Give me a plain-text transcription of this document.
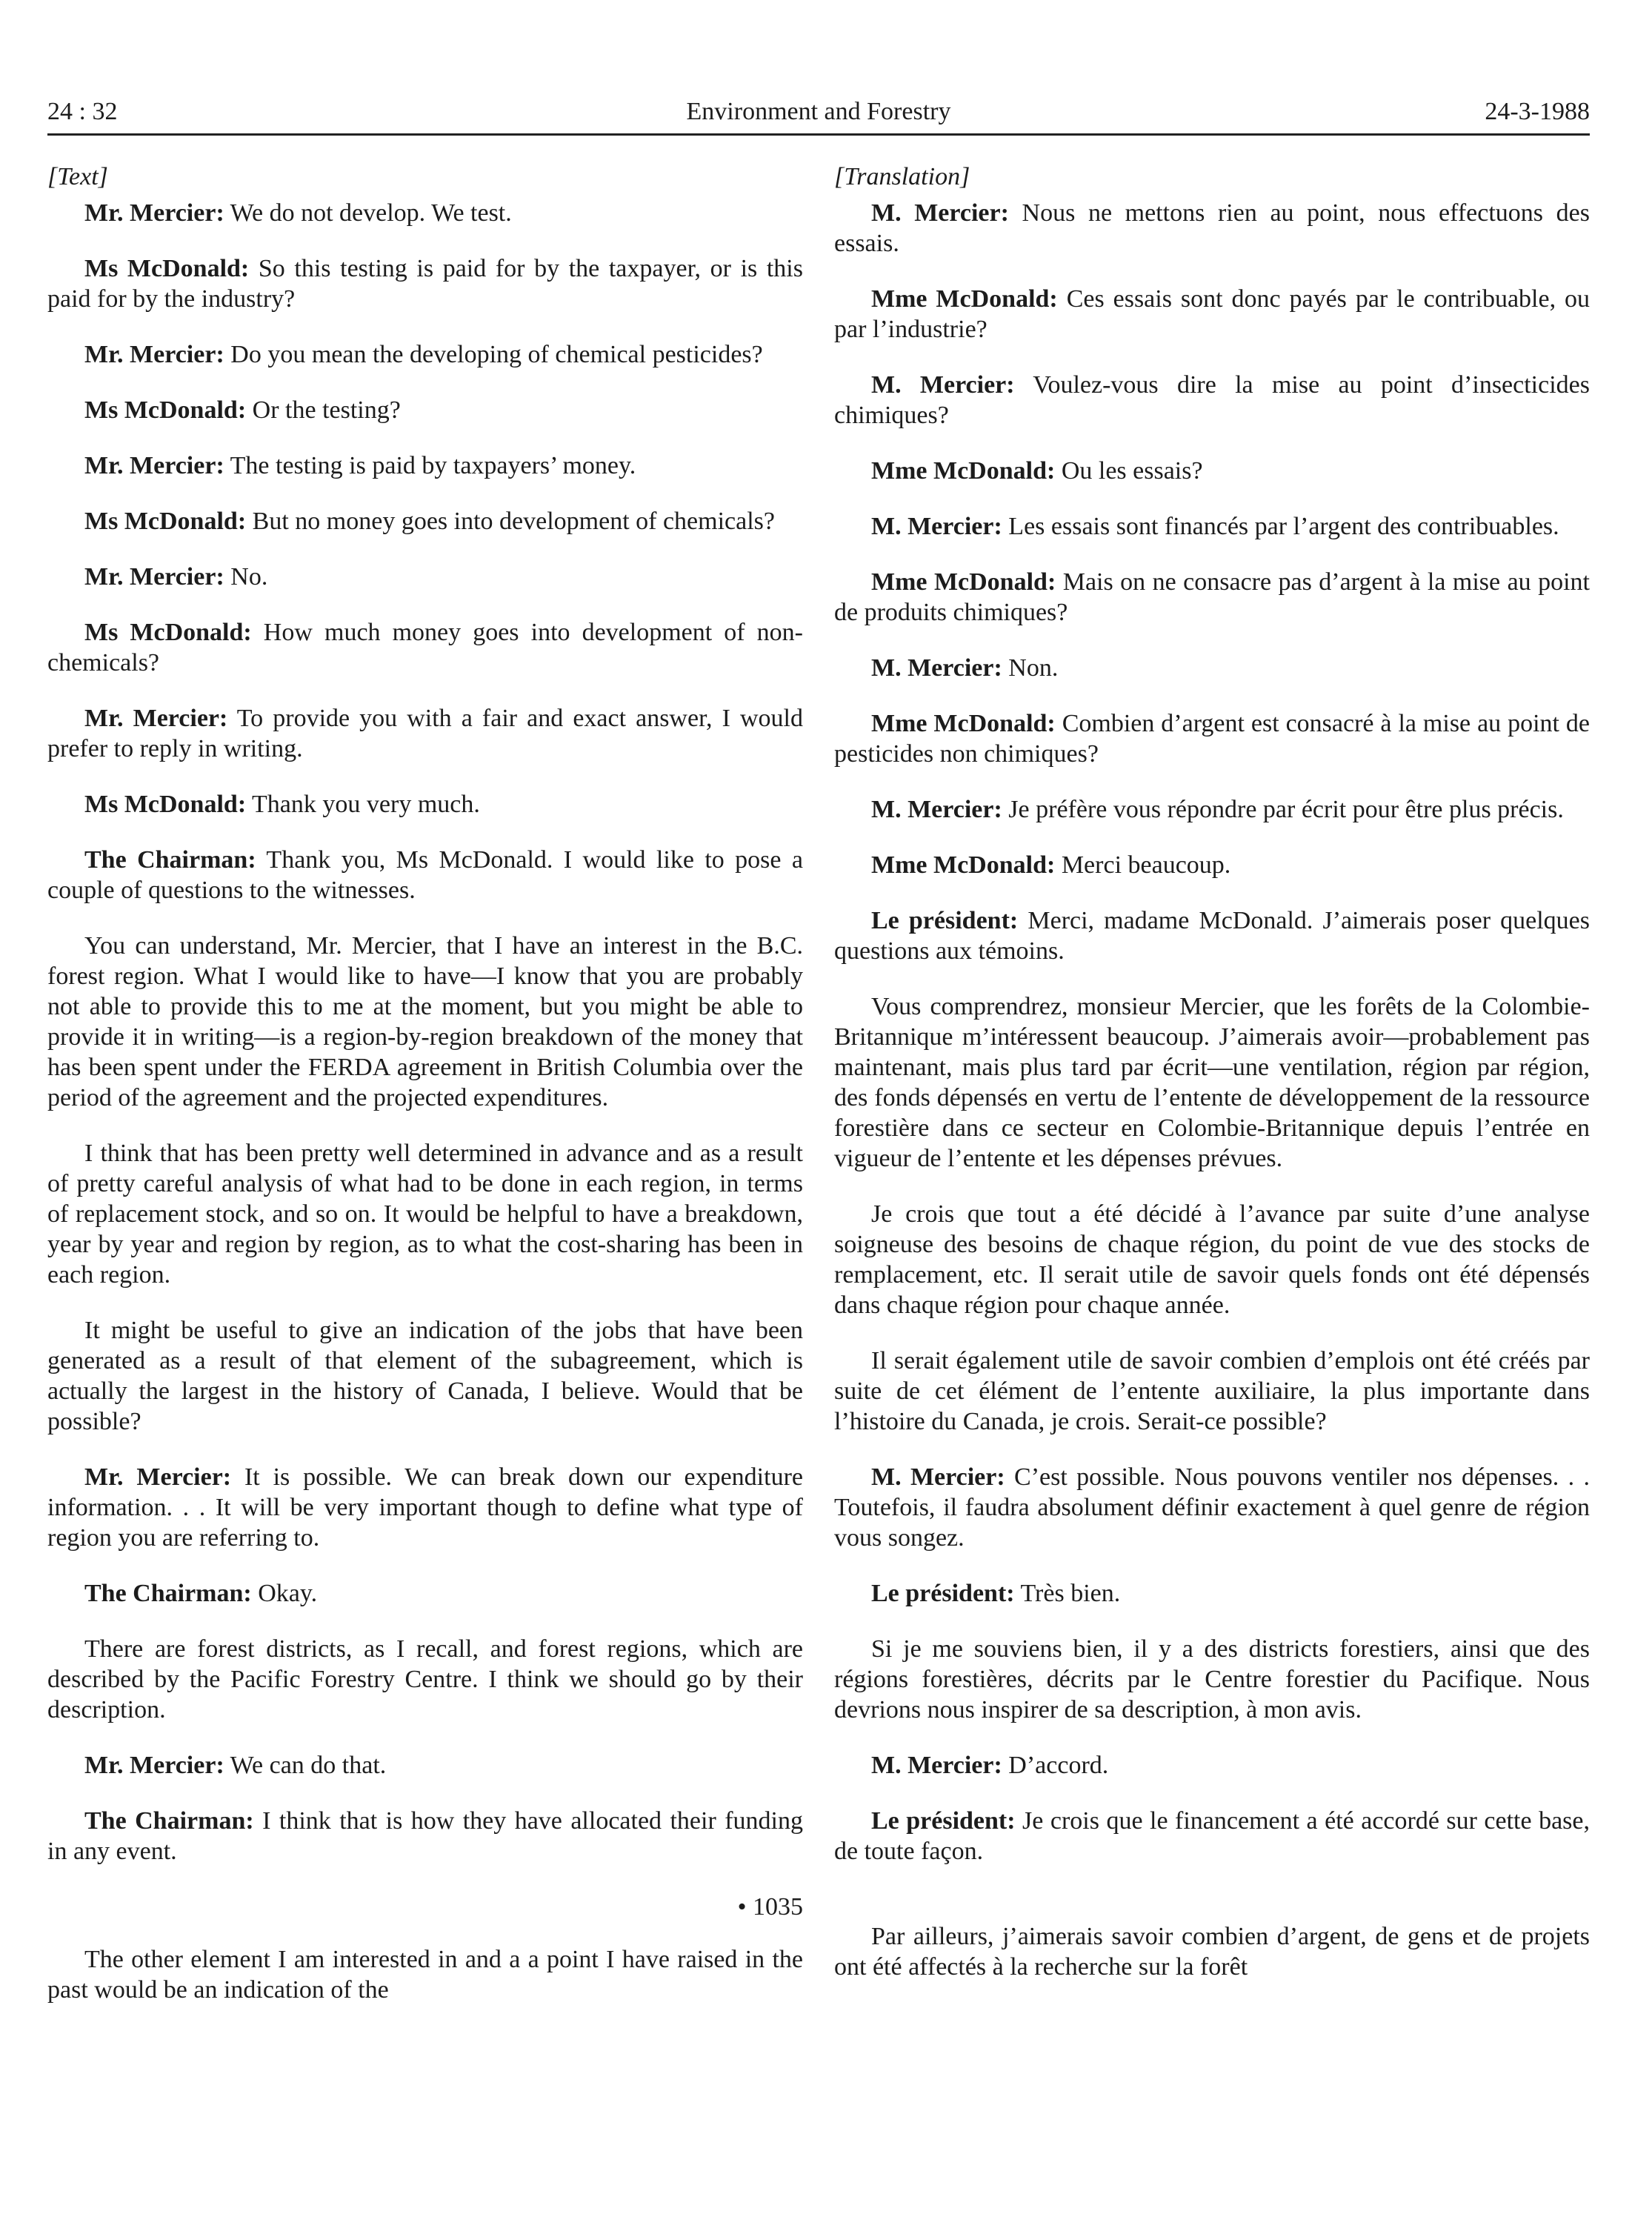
24 : 32	Environment and Forestry	24-3-1988

[Text]

Mr. Mercier: We do not develop. We test.

Ms McDonald: So this testing is paid for by the taxpayer, or is this paid for by the industry?

Mr. Mercier: Do you mean the developing of chemical pesticides?

Ms McDonald: Or the testing?

Mr. Mercier: The testing is paid by taxpayers’ money.

Ms McDonald: But no money goes into development of chemicals?

Mr. Mercier: No.

Ms McDonald: How much money goes into development of non-chemicals?

Mr. Mercier: To provide you with a fair and exact answer, I would prefer to reply in writing.

Ms McDonald: Thank you very much.

The Chairman: Thank you, Ms McDonald. I would like to pose a couple of questions to the witnesses.

You can understand, Mr. Mercier, that I have an interest in the B.C. forest region. What I would like to have—I know that you are probably not able to provide this to me at the moment, but you might be able to provide it in writing—is a region-by-region breakdown of the money that has been spent under the FERDA agreement in British Columbia over the period of the agreement and the projected expenditures.

I think that has been pretty well determined in advance and as a result of pretty careful analysis of what had to be done in each region, in terms of replacement stock, and so on. It would be helpful to have a breakdown, year by year and region by region, as to what the cost-sharing has been in each region.

It might be useful to give an indication of the jobs that have been generated as a result of that element of the subagreement, which is actually the largest in the history of Canada, I believe. Would that be possible?

Mr. Mercier: It is possible. We can break down our expenditure information. . . It will be very important though to define what type of region you are referring to.

The Chairman: Okay.

There are forest districts, as I recall, and forest regions, which are described by the Pacific Forestry Centre. I think we should go by their description.

Mr. Mercier: We can do that.

The Chairman: I think that is how they have allocated their funding in any event.

• 1035

The other element I am interested in and a a point I have raised in the past would be an indication of the

[Translation]

M. Mercier: Nous ne mettons rien au point, nous effectuons des essais.

Mme McDonald: Ces essais sont donc payés par le contribuable, ou par l’industrie?

M. Mercier: Voulez-vous dire la mise au point d’insecticides chimiques?

Mme McDonald: Ou les essais?

M. Mercier: Les essais sont financés par l’argent des contribuables.

Mme McDonald: Mais on ne consacre pas d’argent à la mise au point de produits chimiques?

M. Mercier: Non.

Mme McDonald: Combien d’argent est consacré à la mise au point de pesticides non chimiques?

M. Mercier: Je préfère vous répondre par écrit pour être plus précis.

Mme McDonald: Merci beaucoup.

Le président: Merci, madame McDonald. J’aimerais poser quelques questions aux témoins.

Vous comprendrez, monsieur Mercier, que les forêts de la Colombie-Britannique m’intéressent beaucoup. J’aimerais avoir—probablement pas maintenant, mais plus tard par écrit—une ventilation, région par région, des fonds dépensés en vertu de l’entente de développement de la ressource forestière dans ce secteur en Colombie-Britannique depuis l’entrée en vigueur de l’entente et les dépenses prévues.

Je crois que tout a été décidé à l’avance par suite d’une analyse soigneuse des besoins de chaque région, du point de vue des stocks de remplacement, etc. Il serait utile de savoir quels fonds ont été dépensés dans chaque région pour chaque année.

Il serait également utile de savoir combien d’emplois ont été créés par suite de cet élément de l’entente auxiliaire, la plus importante dans l’histoire du Canada, je crois. Serait-ce possible?

M. Mercier: C’est possible. Nous pouvons ventiler nos dépenses. . . Toutefois, il faudra absolument définir exactement à quel genre de région vous songez.

Le président: Très bien.

Si je me souviens bien, il y a des districts forestiers, ainsi que des régions forestières, décrits par le Centre forestier du Pacifique. Nous devrions nous inspirer de sa description, à mon avis.

M. Mercier: D’accord.

Le président: Je crois que le financement a été accordé sur cette base, de toute façon.

Par ailleurs, j’aimerais savoir combien d’argent, de gens et de projets ont été affectés à la recherche sur la forêt
